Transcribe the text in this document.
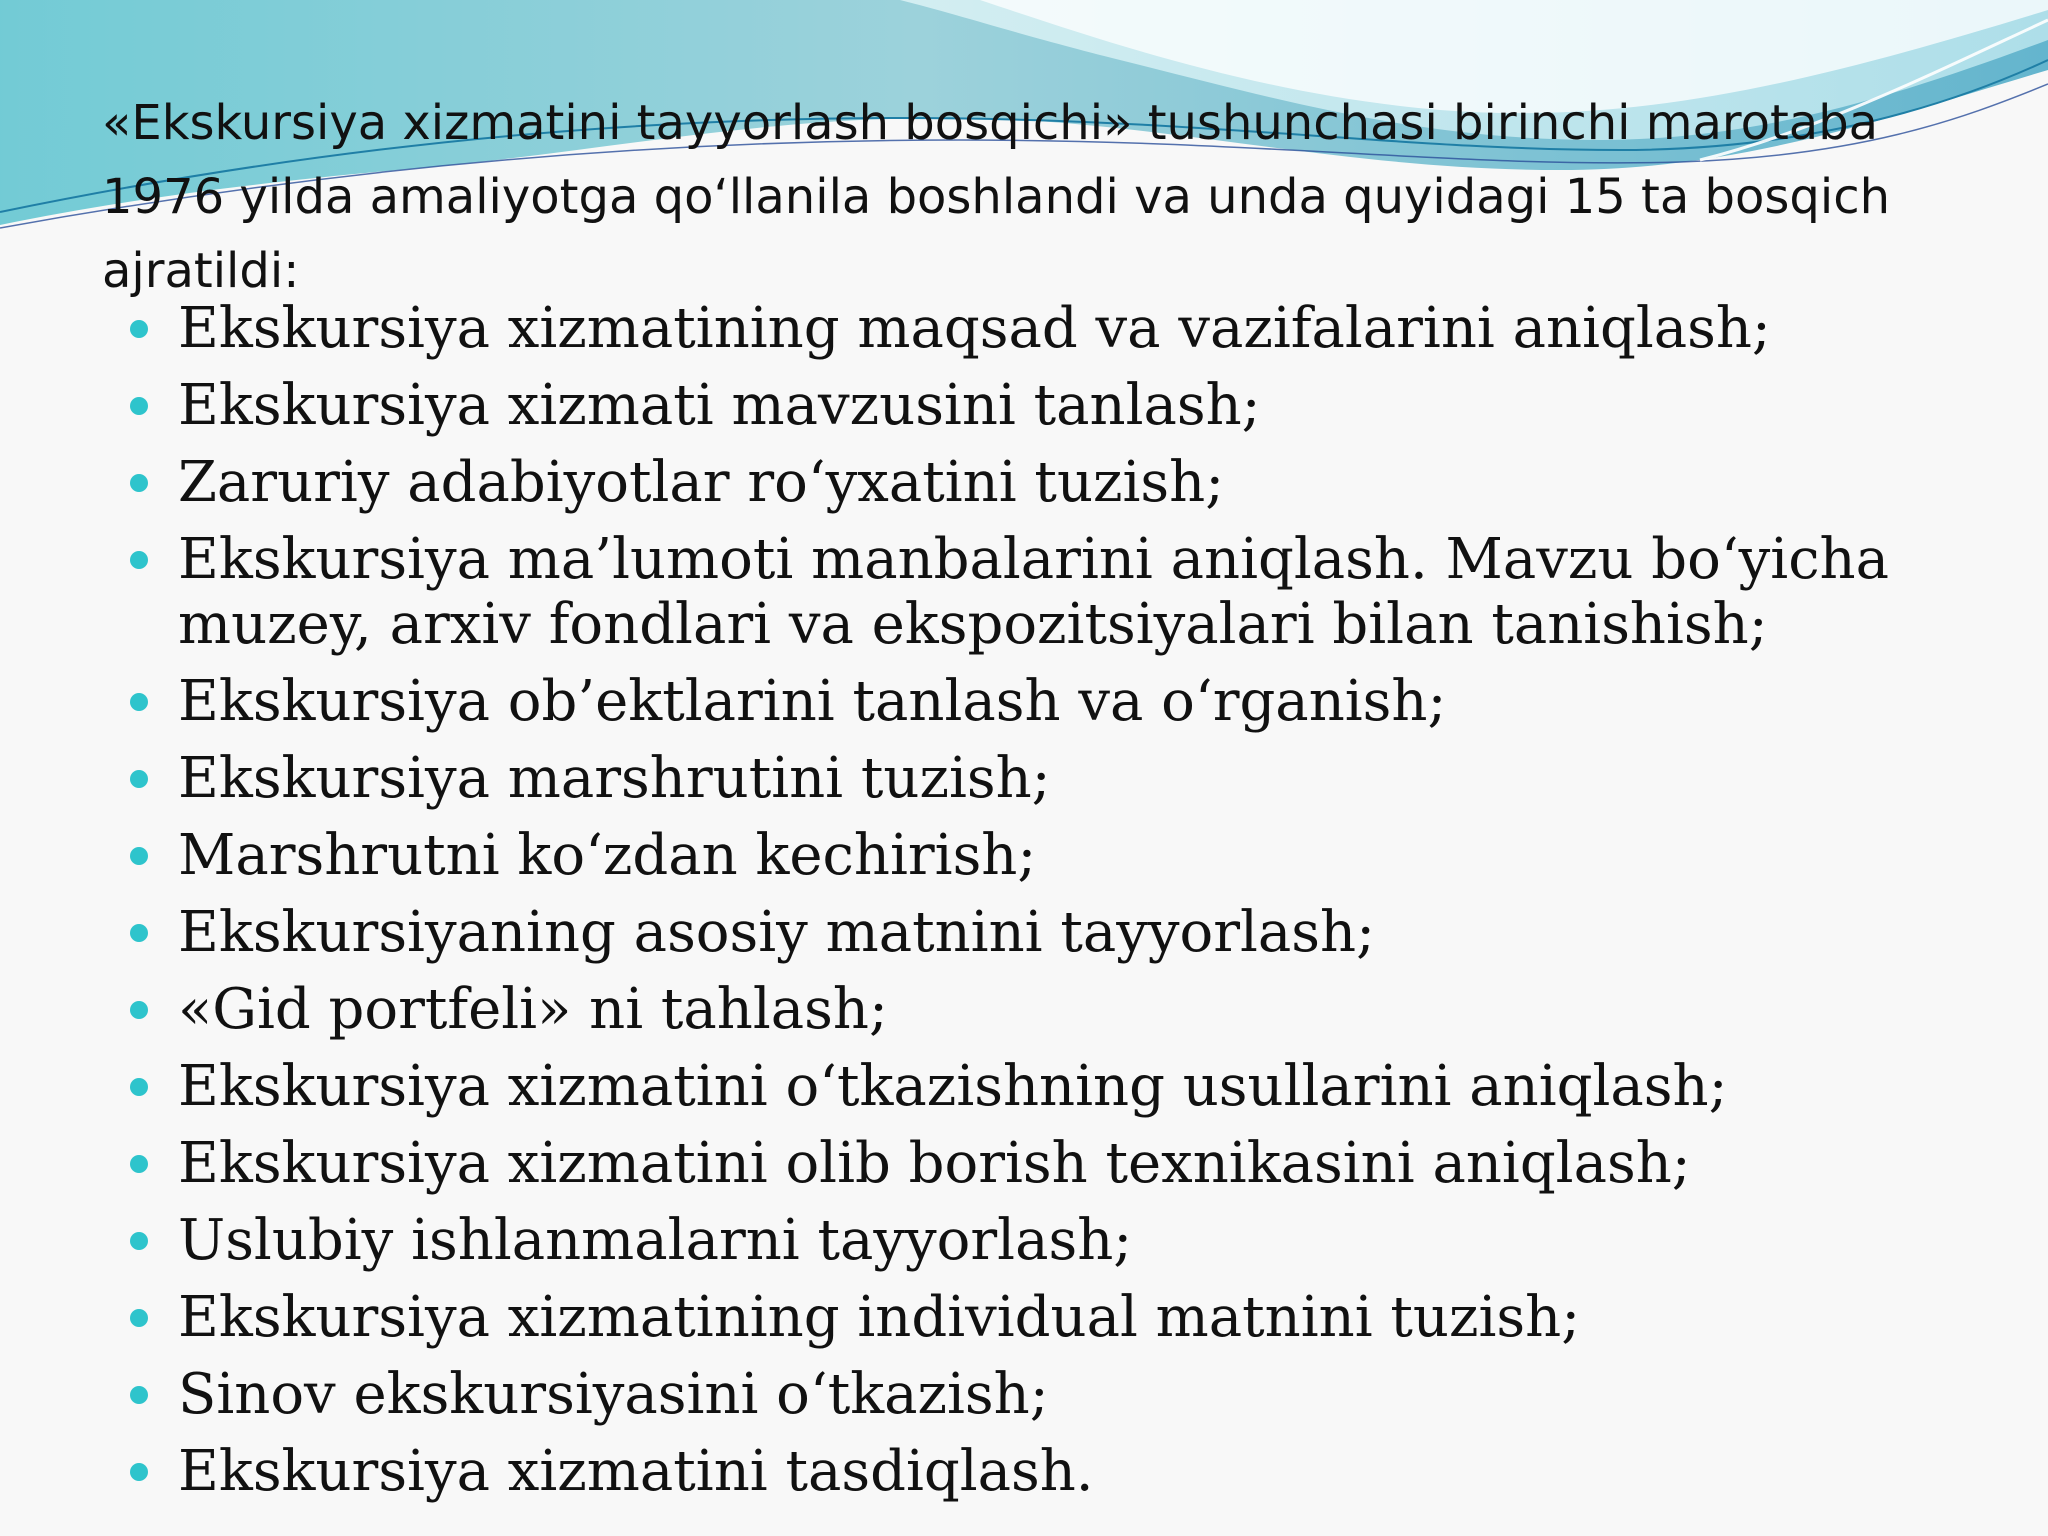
«Ekskursiya xizmatini tayyorlash bosqichi» tushunchasi birinchi marotaba 1976 yilda amaliyotga qo‘llanila boshlandi va unda quyidagi 15 ta bosqich ajratildi:

Ekskursiya xizmatining maqsad va vazifalarini aniqlash;
Ekskursiya xizmati mavzusini tanlash;
Zaruriy adabiyotlar ro‘yxatini tuzish;
Ekskursiya ma’lumoti manbalarini aniqlash. Mavzu bo‘yicha muzey, arxiv fondlari va ekspozitsiyalari bilan tanishish;
Ekskursiya ob’ektlarini tanlash va o‘rganish;
Ekskursiya marshrutini tuzish;
Marshrutni ko‘zdan kechirish;
Ekskursiyaning asosiy matnini tayyorlash;
«Gid portfeli» ni tahlash;
Ekskursiya xizmatini o‘tkazishning usullarini aniqlash;
Ekskursiya xizmatini olib borish texnikasini aniqlash;
Uslubiy ishlanmalarni tayyorlash;
Ekskursiya xizmatining individual matnini tuzish;
Sinov ekskursiyasini o‘tkazish;
Ekskursiya xizmatini tasdiqlash.
